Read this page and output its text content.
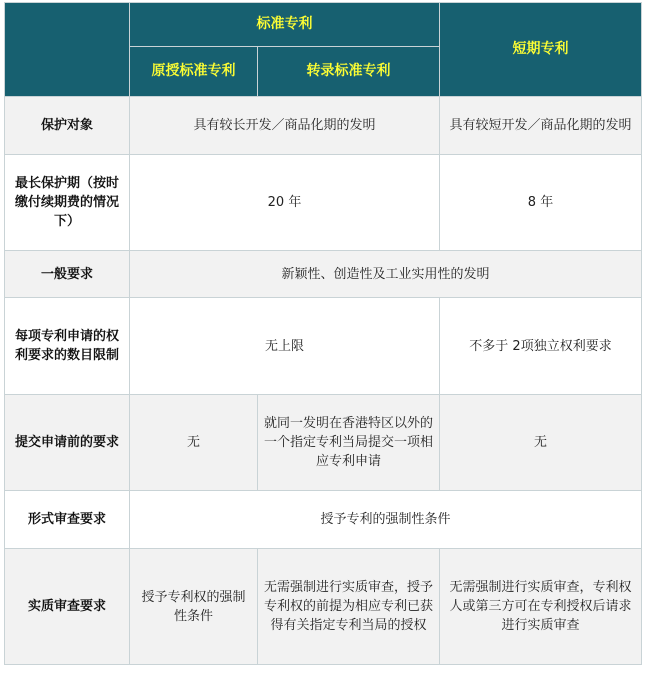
	标准专利		短期专利
	原授标准专利	转录标准专利	
保护对象	具有较长开发／商品化期的发明		具有较短开发／商品化期的发明
最长保护期（按时缴付续期费的情况下）	20 年		8 年
一般要求	新颖性、创造性及工业实用性的发明		
每项专利申请的权利要求的数目限制	无上限		不多于 2项独立权利要求
提交申请前的要求	无	就同一发明在香港特区以外的一个指定专利当局提交一项相应专利申请	无
形式审查要求	授予专利的强制性条件		
实质审查要求	授予专利权的强制性条件	无需强制进行实质审查，授予专利权的前提为相应专利已获得有关指定专利当局的授权	无需强制进行实质审查，专利权人或第三方可在专利授权后请求进行实质审查
